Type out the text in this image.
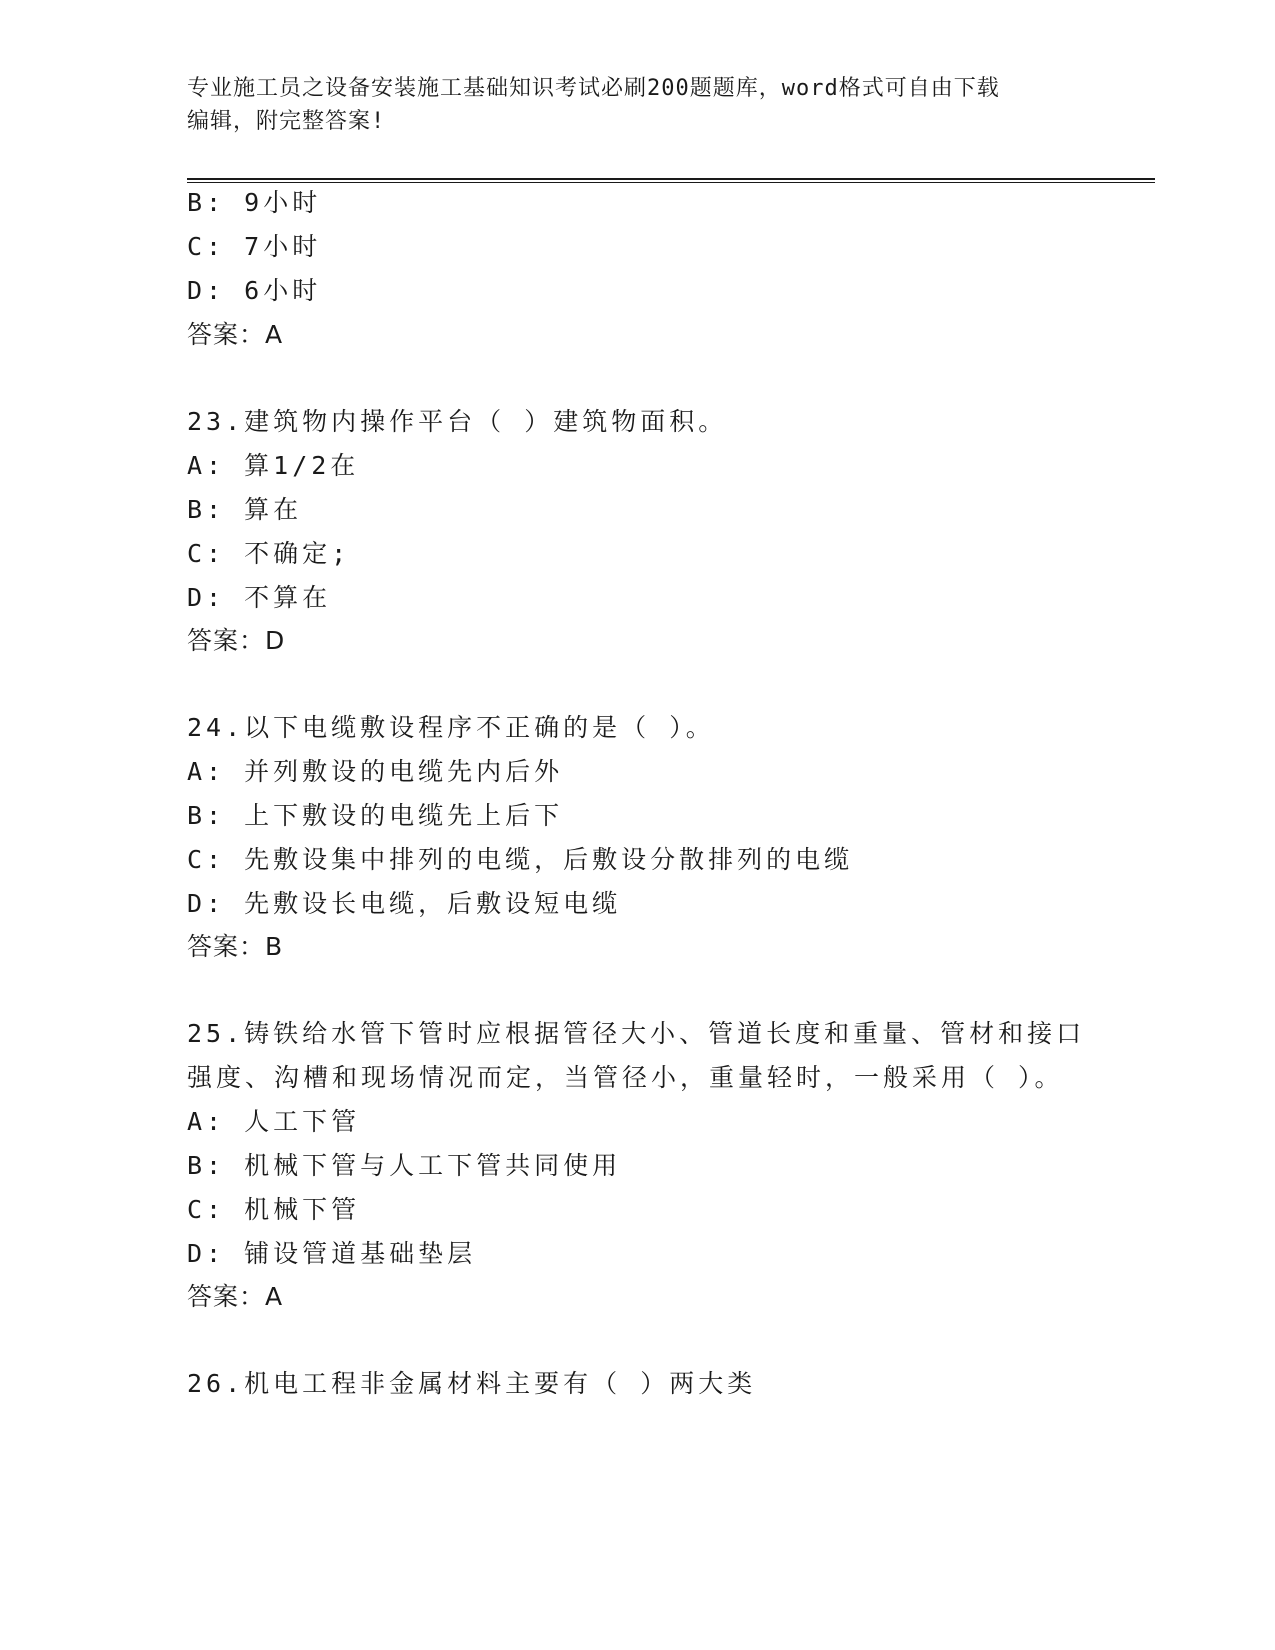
专业施工员之设备安装施工基础知识考试必刷200题题库，word格式可自由下载
编辑，附完整答案!
B: 9小时
C: 7小时
D: 6小时
答案：A
23.建筑物内操作平台（ ）建筑物面积。
A: 算1/2在
B: 算在
C: 不确定;
D: 不算在
答案：D
24.以下电缆敷设程序不正确的是（ ）。
A: 并列敷设的电缆先内后外
B: 上下敷设的电缆先上后下
C: 先敷设集中排列的电缆，后敷设分散排列的电缆
D: 先敷设长电缆，后敷设短电缆
答案：B
25.铸铁给水管下管时应根据管径大小、管道长度和重量、管材和接口
强度、沟槽和现场情况而定，当管径小，重量轻时，一般采用（ ）。
A: 人工下管
B: 机械下管与人工下管共同使用
C: 机械下管
D: 铺设管道基础垫层
答案：A
26.机电工程非金属材料主要有（ ）两大类
